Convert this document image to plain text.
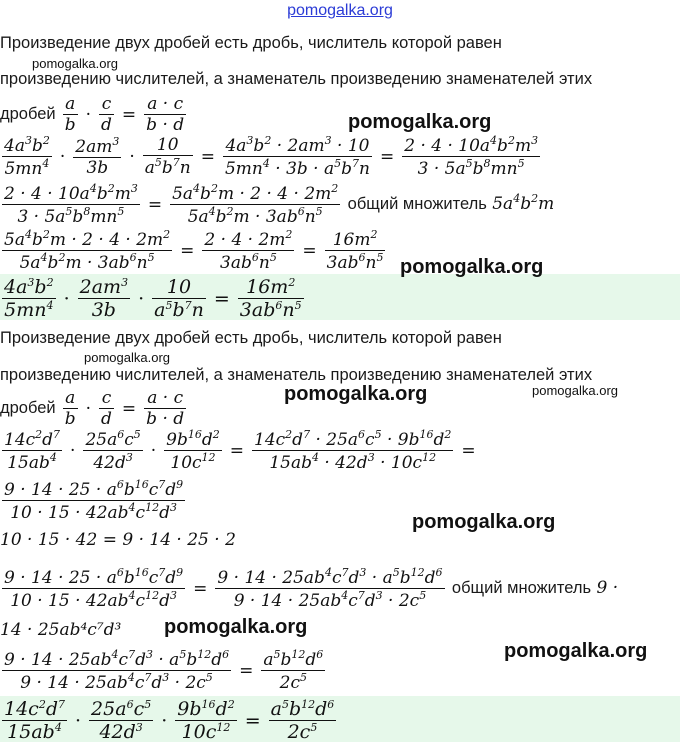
pomogalka.org
Произведение двух дробей есть дробь, числитель которой равен
pomogalka.org
произведению числителей, а знаменатель произведению знаменателей этих
дробей $\frac{a}{b} \cdot \frac{c}{d} = \frac{a \cdot c}{b \cdot d}$	pomogalka.org
$\frac{4a^3b^2}{5mn^4} \cdot \frac{2am^3}{3b} \cdot \frac{10}{a^5b^7n} = \frac{4a^3b^2 \cdot 2am^3 \cdot 10}{5mn^4 \cdot 3b \cdot a^5b^7n} = \frac{2 \cdot 4 \cdot 10a^4b^2m^3}{3 \cdot 5a^5b^8mn^5}$
$\frac{2 \cdot 4 \cdot 10a^4b^2m^3}{3 \cdot 5a^5b^8mn^5} = \frac{5a^4b^2m \cdot 2 \cdot 4 \cdot 2m^2}{5a^4b^2m \cdot 3ab^6n^5}$ общий множитель $5a^4b^2m$
$\frac{5a^4b^2m \cdot 2 \cdot 4 \cdot 2m^2}{5a^4b^2m \cdot 3ab^6n^5} = \frac{2 \cdot 4 \cdot 2m^2}{3ab^6n^5} = \frac{16m^2}{3ab^6n^5}$ pomogalka.org
$\frac{4a^3b^2}{5mn^4} \cdot \frac{2am^3}{3b} \cdot \frac{10}{a^5b^7n} = \frac{16m^2}{3ab^6n^5}$
Произведение двух дробей есть дробь, числитель которой равен
pomogalka.org
произведению числителей, а знаменатель произведению знаменателей этих
pomogalka.org
дробей $\frac{a}{b} \cdot \frac{c}{d} = \frac{a \cdot c}{b \cdot d}$	pomogalka.org
$\frac{14c^2d^7}{15ab^4} \cdot \frac{25a^6c^5}{42d^3} \cdot \frac{9b^{16}d^2}{10c^{12}} = \frac{14c^2d^7 \cdot 25a^6c^5 \cdot 9b^{16}d^2}{15ab^4 \cdot 42d^3 \cdot 10c^{12}}$ =
$\frac{9 \cdot 14 \cdot 25 \cdot a^6b^{16}c^7d^9}{10 \cdot 15 \cdot 42ab^4c^{12}d^3}$	pomogalka.org
10 · 15 · 42 = 9 · 14 · 25 · 2
$\frac{9 \cdot 14 \cdot 25 \cdot a^6b^{16}c^7d^9}{10 \cdot 15 \cdot 42ab^4c^{12}d^3} = \frac{9 \cdot 14 \cdot 25ab^4c^7d^3 \cdot a^5b^{12}d^6}{9 \cdot 14 \cdot 25ab^4c^7d^3 \cdot 2c^5}$ общий множитель 9 ·
14 · 25ab⁴c⁷d³ pomogalka.org
pomogalka.org
$\frac{9 \cdot 14 \cdot 25ab^4c^7d^3 \cdot a^5b^{12}d^6}{9 \cdot 14 \cdot 25ab^4c^7d^3 \cdot 2c^5} = \frac{a^5b^{12}d^6}{2c^5}$
$\frac{14c^2d^7}{15ab^4} \cdot \frac{25a^6c^5}{42d^3} \cdot \frac{9b^{16}d^2}{10c^{12}} = \frac{a^5b^{12}d^6}{2c^5}$
